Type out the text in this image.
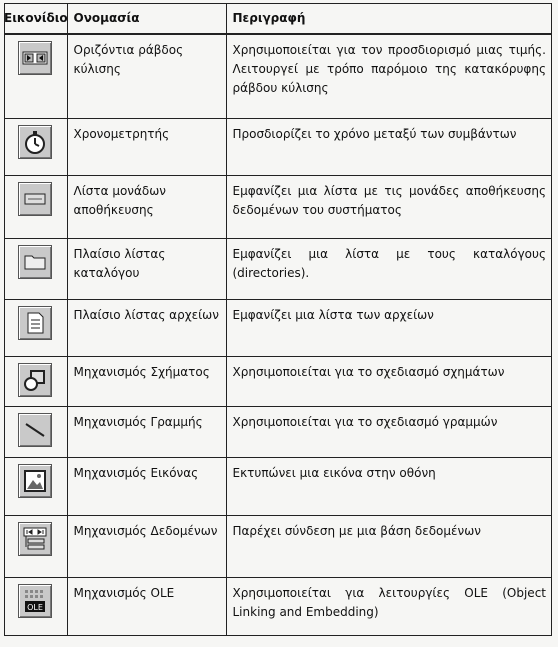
Εικονίδιο	Ονομασία	Περιγραφή

	Οριζόντια ράβδος κύλισης	Χρησιμοποιείται για τον προσδιορισμό μιας τιμής. Λειτουργεί με τρόπο παρόμοιο της κατακόρυφης ράβδου κύλισης

	Χρονομετρητής	Προσδιορίζει το χρόνο μεταξύ των συμβάντων

	Λίστα μονάδων αποθήκευσης	Εμφανίζει μια λίστα με τις μονάδες αποθήκευσης δεδομένων του συστήματος

	Πλαίσιο λίστας καταλόγου	Εμφανίζει μια λίστα με τους καταλόγους (directories).

	Πλαίσιο λίστας αρχείων	Εμφανίζει μια λίστα των αρχείων

	Μηχανισμός Σχήματος	Χρησιμοποιείται για το σχεδιασμό σχημάτων

	Μηχανισμός Γραμμής	Χρησιμοποιείται για το σχεδιασμό γραμμών

	Μηχανισμός Εικόνας	Εκτυπώνει μια εικόνα στην οθόνη

	Μηχανισμός Δεδομένων	Παρέχει σύνδεση με μια βάση δεδομένων

OLE	Μηχανισμός OLE	Χρησιμοποιείται για λειτουργίες OLE (Object Linking and Embedding)
